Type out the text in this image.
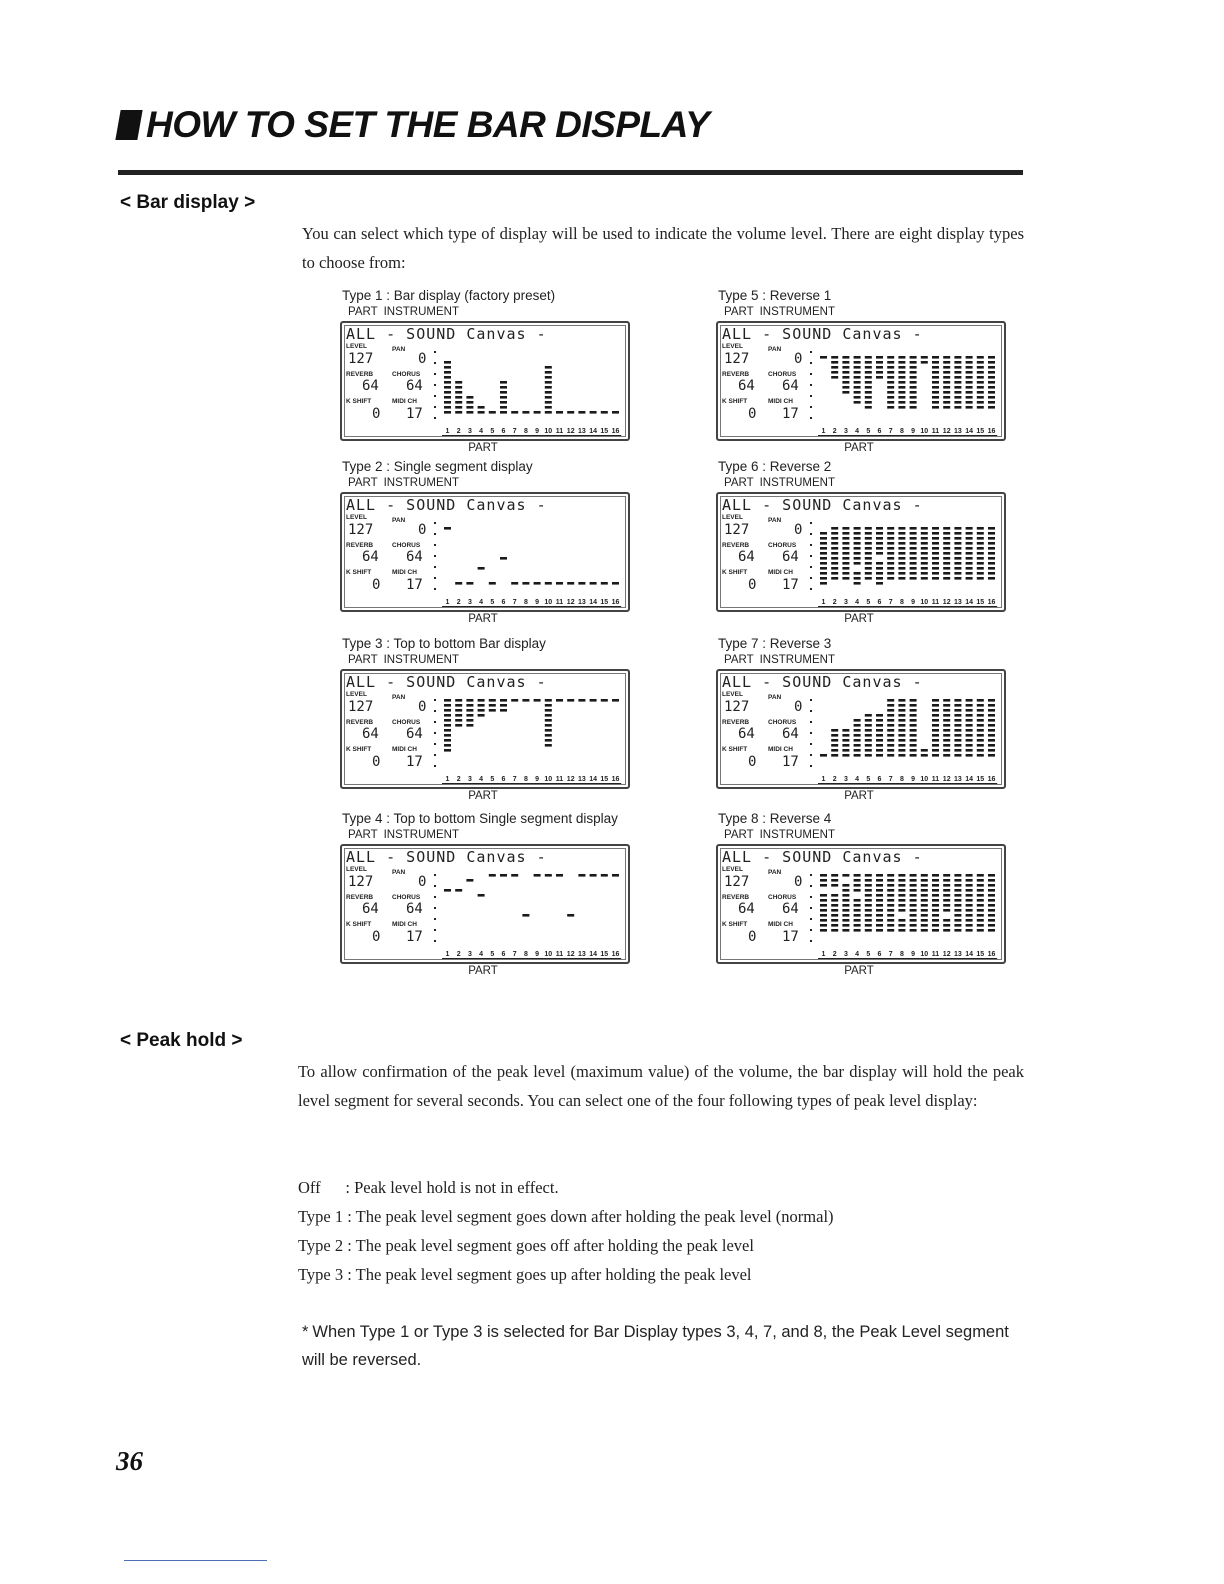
HOW TO SET THE BAR DISPLAY
< Bar display >
You can select which type of display will be used to indicate the volume level. There are eight display types to choose from:
Type 1 : Bar display (factory preset)
PART INSTRUMENT
ALL - SOUND Canvas -
LEVEL	PAN
127	0
REVERB	CHORUS
64 64
K SHIFT	MIDI CH
0 17
1 2 3 4 5 6 7 8 9 10 11 12 13 14 15 16
PART
Type 2 : Single segment display
PART INSTRUMENT
ALL - SOUND Canvas -
LEVEL	PAN
127	0
REVERB	CHORUS
64 64
K SHIFT	MIDI CH
0 17
1 2 3 4 5 6 7 8 9 10 11 12 13 14 15 16
PART
Type 3 : Top to bottom Bar display
PART INSTRUMENT
ALL - SOUND Canvas -
LEVEL	PAN
127	0
REVERB	CHORUS
64 64
K SHIFT	MIDI CH
0 17
1 2 3 4 5 6 7 8 9 10 11 12 13 14 15 16
PART
Type 4 : Top to bottom Single segment display
PART INSTRUMENT
ALL - SOUND Canvas -
LEVEL	PAN
127	0
REVERB	CHORUS
64 64
K SHIFT	MIDI CH
0 17
1 2 3 4 5 6 7 8 9 10 11 12 13 14 15 16
PART
Type 5 : Reverse 1
PART INSTRUMENT
ALL - SOUND Canvas -
LEVEL	PAN
127	0
REVERB	CHORUS
64 64
K SHIFT	MIDI CH
0 17
1 2 3 4 5 6 7 8 9 10 11 12 13 14 15 16
PART
Type 6 : Reverse 2
PART INSTRUMENT
ALL - SOUND Canvas -
LEVEL	PAN
127	0
REVERB	CHORUS
64 64
K SHIFT	MIDI CH
0 17
1 2 3 4 5 6 7 8 9 10 11 12 13 14 15 16
PART
Type 7 : Reverse 3
PART INSTRUMENT
ALL - SOUND Canvas -
LEVEL	PAN
127	0
REVERB	CHORUS
64 64
K SHIFT	MIDI CH
0 17
1 2 3 4 5 6 7 8 9 10 11 12 13 14 15 16
PART
Type 8 : Reverse 4
PART INSTRUMENT
ALL - SOUND Canvas -
LEVEL	PAN
127	0
REVERB	CHORUS
64 64
K SHIFT	MIDI CH
0 17
1 2 3 4 5 6 7 8 9 10 11 12 13 14 15 16
PART
< Peak hold >
To allow confirmation of the peak level (maximum value) of the volume, the bar display will hold the peak level segment for several seconds. You can select one of the four following types of peak level display:
Off      : Peak level hold is not in effect.
Type 1 : The peak level segment goes down after holding the peak level (normal)
Type 2 : The peak level segment goes off after holding the peak level
Type 3 : The peak level segment goes up after holding the peak level
* When Type 1 or Type 3 is selected for Bar Display types 3, 4, 7, and 8, the Peak Level segment will be reversed.
36
